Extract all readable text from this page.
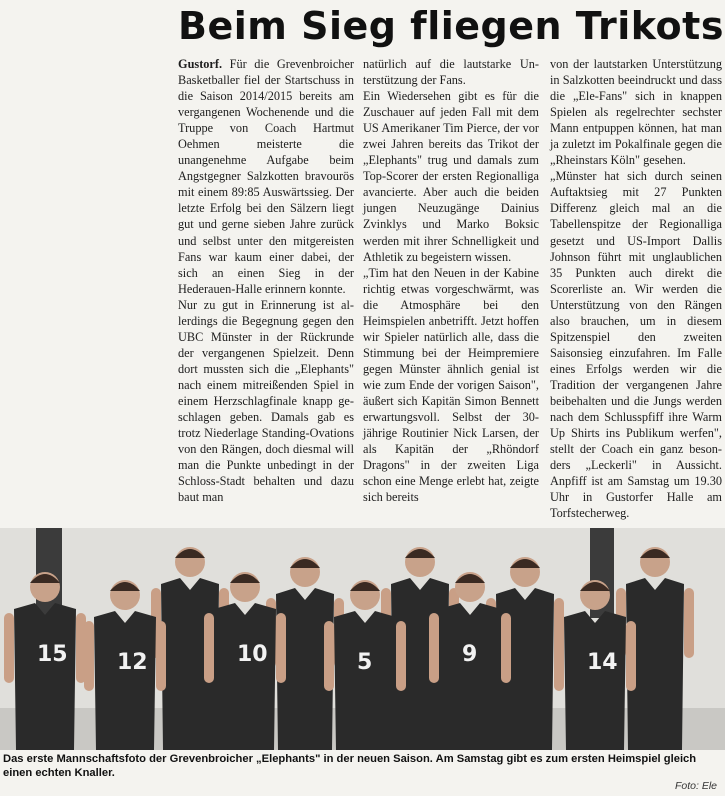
Beim Sieg fliegen Trikots

Gustorf. Für die Grevenbroicher Basketballer fiel der Startschuss in die Saison 2014/2015 bereits am vergangenen Wochenende und die Truppe von Coach Hartmut Oehmen meisterte die unangenehme Aufgabe beim Angstgegner Salzkotten bravourös mit einem 89:85 Auswärtssieg. Der letzte Erfolg bei den Sälzern liegt gut und gerne sieben Jahre zurück und selbst unter den mitgereisten Fans war kaum einer dabei, der sich an einen Sieg in der Hederauen-Halle erinnern konnte.

Nur zu gut in Erinnerung ist allerdings die Begegnung gegen den UBC Münster in der Rückrunde der vergangenen Spielzeit. Denn dort mussten sich die „Elephants" nach einem mitreißenden Spiel in einem Herzschlagfinale knapp geschlagen geben. Damals gab es trotz Niederlage Standing-Ovations von den Rängen, doch diesmal will man die Punkte unbedingt in der Schloss-Stadt behalten und dazu baut man

natürlich auf die lautstarke Unterstützung der Fans.

Ein Wiedersehen gibt es für die Zuschauer auf jeden Fall mit dem US Amerikaner Tim Pierce, der vor zwei Jahren bereits das Trikot der „Elephants" trug und damals zum Top-Scorer der ersten Regionalliga avancierte. Aber auch die beiden jungen Neuzugänge Dainius Zvinklys und Marko Boksic werden mit ihrer Schnelligkeit und Athletik zu begeistern wissen.

„Tim hat den Neuen in der Kabine richtig etwas vorgeschwärmt, was die Atmosphäre bei den Heimspielen anbetrifft. Jetzt hoffen wir Spieler natürlich alle, dass die Stimmung bei der Heimpremiere gegen Münster ähnlich genial ist wie zum Ende der vorigen Saison", äußert sich Kapitän Simon Bennett erwartungsvoll. Selbst der 30-jährige Routinier Nick Larsen, der als Kapitän der „Rhöndorf Dragons" in der zweiten Liga schon eine Menge erlebt hat, zeigte sich bereits

von der lautstarken Unterstützung in Salzkotten beeindruckt und dass die „Ele-Fans" sich in knappen Spielen als regelrechter sechster Mann entpuppen können, hat man ja zuletzt im Pokalfinale gegen die „Rheinstars Köln" gesehen.

„Münster hat sich durch seinen Auftaktsieg mit 27 Punkten Differenz gleich mal an die Tabellenspitze der Regionalliga gesetzt und US-Import Dallis Johnson führt mit unglaublichen 35 Punkten auch direkt die Scorerliste an. Wir werden die Unterstützung von den Rängen also brauchen, um in diesem Spitzenspiel den zweiten Saisonsieg einzufahren. Im Falle eines Erfolgs werden wir die Tradition der vergangenen Jahre beibehalten und die Jungs werden nach dem Schlusspfiff ihre Warm Up Shirts ins Publikum werfen", stellt der Coach ein ganz besonders „Leckerli" in Aussicht. Anpfiff ist am Samstag um 19.30 Uhr in Gustorfer Halle am Torfstecherweg.

15 12	10	5	9	14
Das erste Mannschaftsfoto der Grevenbroicher „Elephants" in der neuen Saison. Am Samstag gibt es zum ersten Heimspiel gleich einen echten Knaller.
Foto: Ele
